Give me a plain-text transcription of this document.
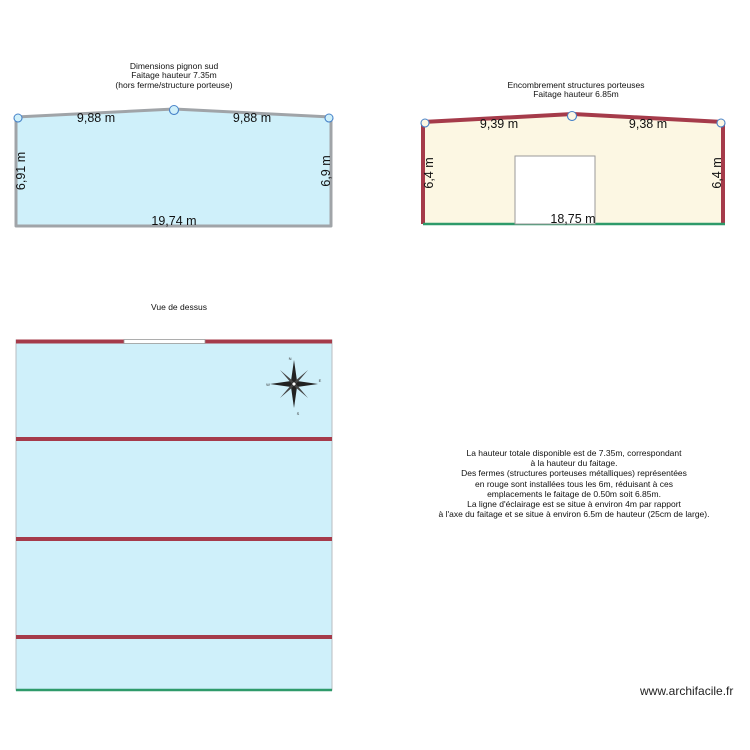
Dimensions pignon sud
Faitage hauteur 7.35m
(hors ferme/structure porteuse)
9,88 m	9,88 m
19,74 m
6,91 m	6,9 m
Encombrement structures porteuses
Faitage hauteur 6.85m
9,39 m	9,38 m
18,75 m
6,4 m	6,4 m
Vue de dessus
N
E
S
W
La hauteur totale disponible est de 7.35m, correspondant
à la hauteur du faitage.
Des fermes (structures porteuses métalliques) représentées
en rouge sont installées tous les 6m, réduisant à ces
emplacements le faitage de 0.50m soit 6.85m.
La ligne d'éclairage est se situe à environ 4m par rapport
à l'axe du faitage et se situe à environ 6.5m de hauteur (25cm de large).
www.archifacile.fr
